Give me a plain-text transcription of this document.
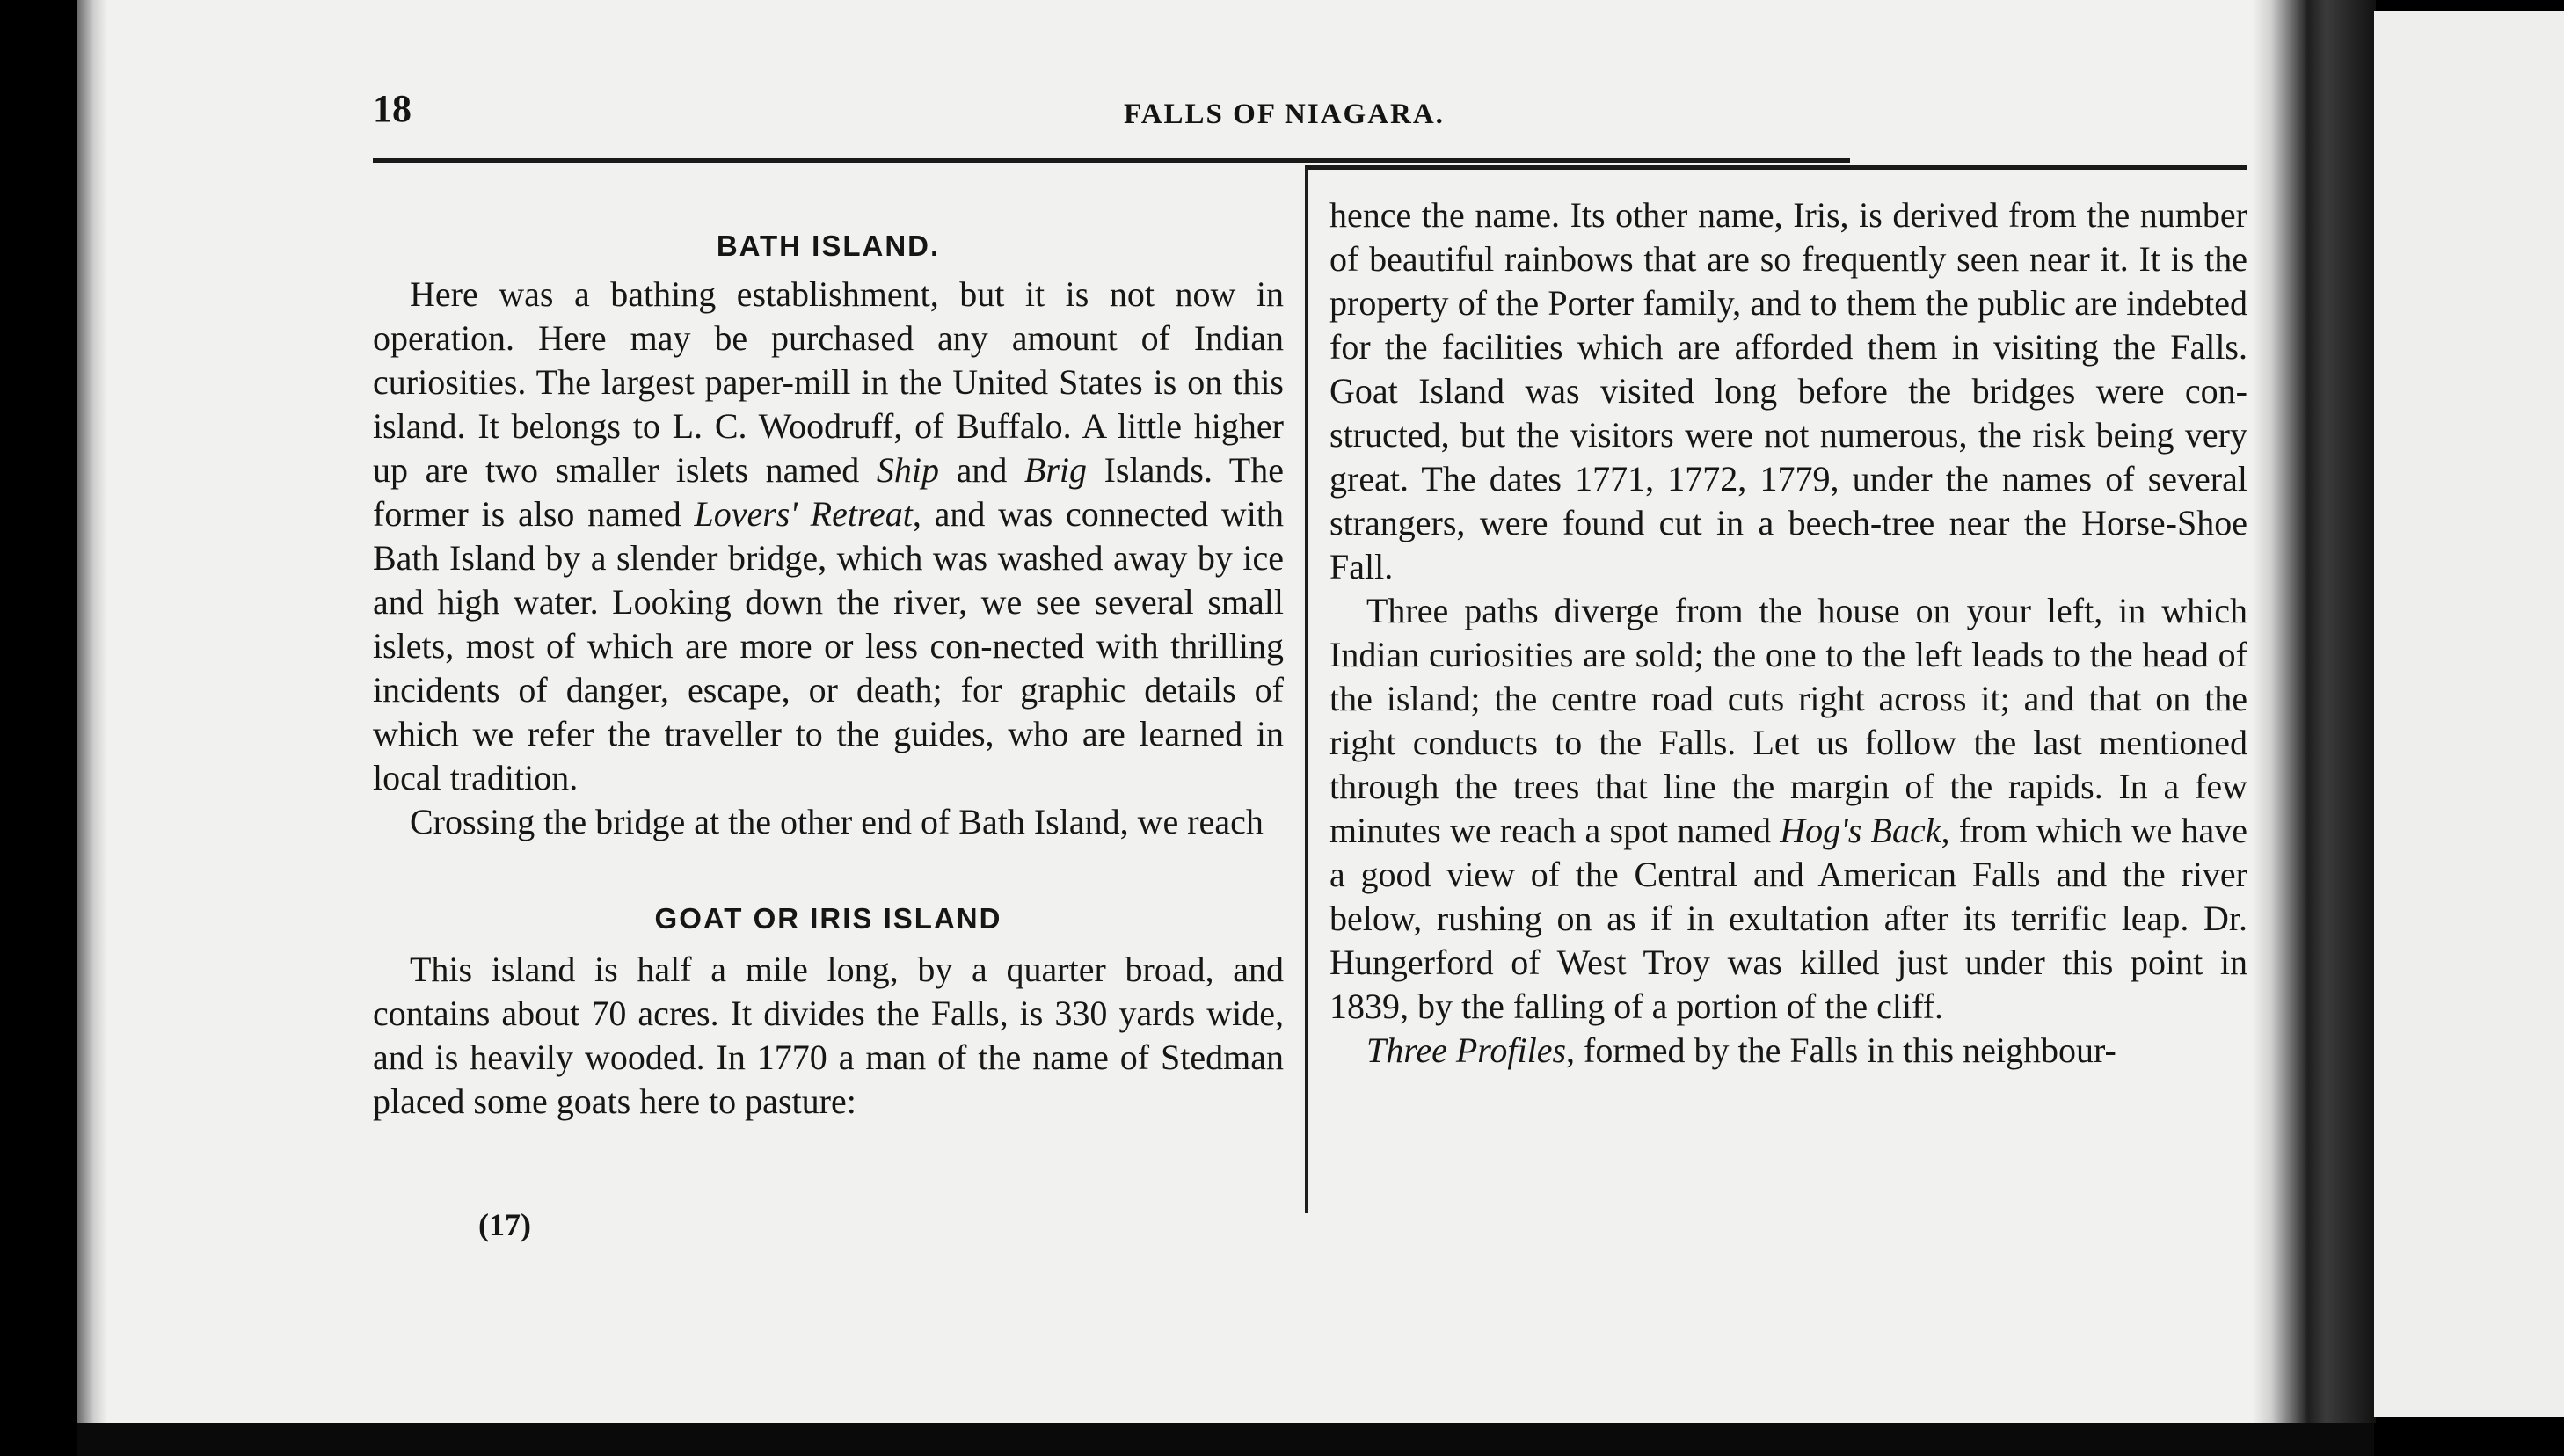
18	FALLS OF NIAGARA.
BATH ISLAND.

Here was a bathing establishment, but it is not now in operation. Here may be purchased any amount of Indian curiosities. The largest paper-mill in the United States is on this island. It belongs to L. C. Woodruff, of Buffalo. A little higher up are two smaller islets named Ship and Brig Islands. The former is also named Lovers' Retreat, and was connected with Bath Island by a slender bridge, which was washed away by ice and high water. Looking down the river, we see several small islets, most of which are more or less con-nected with thrilling incidents of danger, escape, or death; for graphic details of which we refer the traveller to the guides, who are learned in local tradition.

Crossing the bridge at the other end of Bath Island, we reach

GOAT OR IRIS ISLAND

This island is half a mile long, by a quarter broad, and contains about 70 acres. It divides the Falls, is 330 yards wide, and is heavily wooded. In 1770 a man of the name of Stedman placed some goats here to pasture:

(17)

hence the name. Its other name, Iris, is derived from the number of beautiful rainbows that are so frequently seen near it. It is the property of the Porter family, and to them the public are indebted for the facilities which are afforded them in visiting the Falls. Goat Island was visited long before the bridges were con-structed, but the visitors were not numerous, the risk being very great. The dates 1771, 1772, 1779, under the names of several strangers, were found cut in a beech-tree near the Horse-Shoe Fall.

Three paths diverge from the house on your left, in which Indian curiosities are sold; the one to the left leads to the head of the island; the centre road cuts right across it; and that on the right conducts to the Falls. Let us follow the last mentioned through the trees that line the margin of the rapids. In a few minutes we reach a spot named Hog's Back, from which we have a good view of the Central and American Falls and the river below, rushing on as if in exultation after its terrific leap. Dr. Hungerford of West Troy was killed just under this point in 1839, by the falling of a portion of the cliff.

Three Profiles, formed by the Falls in this neighbour-
